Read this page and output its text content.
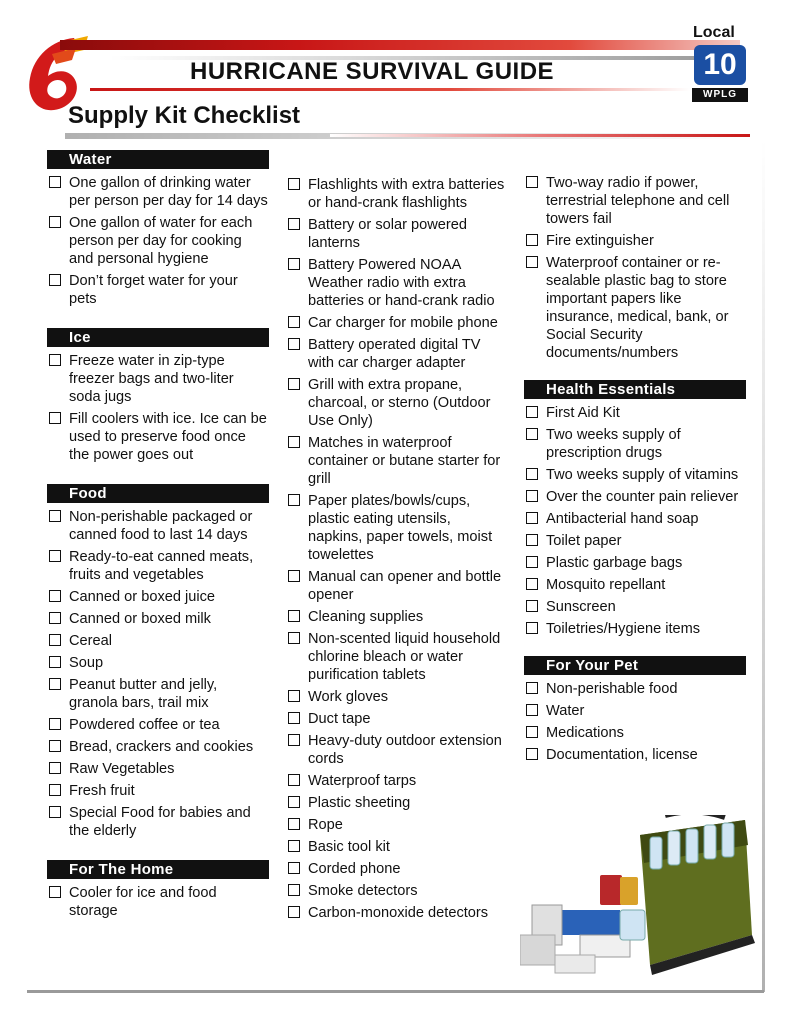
HURRICANE SURVIVAL GUIDE
Supply Kit Checklist
Local
10
WPLG
Water
One gallon of drinking water per person per day for 14 days
One gallon of water for each person per day for cooking and personal hygiene
Don’t forget water for your pets
Ice
Freeze water in zip-type freezer bags and two-liter soda jugs
Fill coolers with ice. Ice can be used to preserve food once the power goes out
Food
Non-perishable packaged or canned food to last 14 days
Ready-to-eat canned meats, fruits and vegetables
Canned or boxed juice
Canned or boxed milk
Cereal
Soup
Peanut butter and jelly, granola bars, trail mix
Powdered coffee or tea
Bread, crackers and cookies
Raw Vegetables
Fresh fruit
Special Food for babies and the elderly
For The Home
Cooler for ice and food storage
Flashlights with extra batteries or hand-crank flashlights
Battery or solar powered lanterns
Battery Powered NOAA Weather radio with extra batteries or hand-crank radio
Car charger for mobile phone
Battery operated digital TV with car charger adapter
Grill with extra propane, charcoal, or sterno (Outdoor Use Only)
Matches in waterproof container or butane starter for grill
Paper plates/bowls/cups, plastic eating utensils, napkins, paper towels, moist towelettes
Manual can opener and bottle opener
Cleaning supplies
Non-scented liquid household chlorine bleach or water purification tablets
Work gloves
Duct tape
Heavy-duty outdoor extension cords
Waterproof tarps
Plastic sheeting
Rope
Basic tool kit
Corded phone
Smoke detectors
Carbon-monoxide detectors
Two-way radio if power, terrestrial telephone and cell towers fail
Fire extinguisher
Waterproof container or re-sealable plastic bag to store important papers like insurance, medical, bank, or Social Security documents/numbers
Health Essentials
First Aid Kit
Two weeks supply of prescription drugs
Two weeks supply of vitamins
Over the counter pain reliever
Antibacterial hand soap
Toilet paper
Plastic garbage bags
Mosquito repellant
Sunscreen
Toiletries/Hygiene items
For Your Pet
Non-perishable food
Water
Medications
Documentation, license
